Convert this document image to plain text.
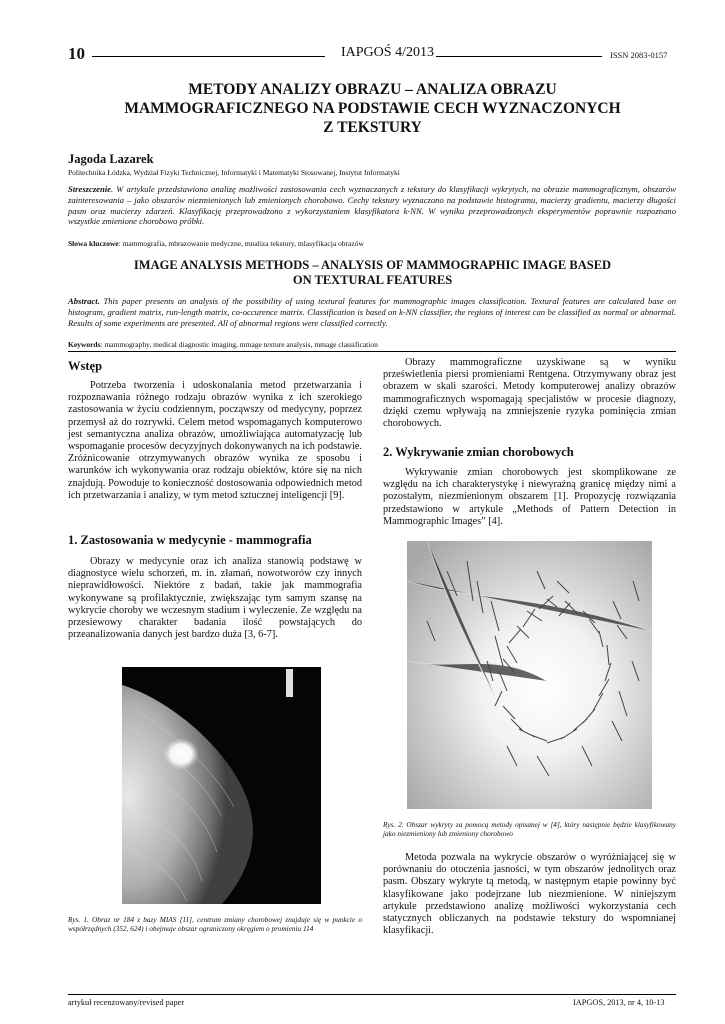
10	IAPGOŚ 4/2013	ISSN 2083-0157
METODY ANALIZY OBRAZU – ANALIZA OBRAZU
MAMMOGRAFICZNEGO NA PODSTAWIE CECH WYZNACZONYCH
Z TEKSTURY
Jagoda Lazarek
Politechnika Łódzka, Wydział Fizyki Technicznej, Informatyki i Matematyki Stosowanej, Instytut Informatyki
Streszczenie. W artykule przedstawiono analizę możliwości zastosowania cech wyznaczanych z tekstury do klasyfikacji wykrytych, na obrazie mammograficznym, obszarów zainteresowania – jako obszarów niezmienionych lub zmienionych chorobowo. Cechy tekstury wyznaczono na podstawie histogramu, macierzy gradientu, macierzy długości pasm oraz macierzy zdarzeń. Klasyfikację przeprowadzono z wykorzystaniem klasyfikatora k-NN. W wyniku przeprowadzonych eksperymentów poprawnie rozpoznano wszystkie zmienione chorobowo próbki.
Słowa kluczowe: mammografia, mbrazowanie medyczne, mnaliza tekstury, mlasyfikacja obrazów
IMAGE ANALYSIS METHODS – ANALYSIS OF MAMMOGRAPHIC IMAGE BASED
ON TEXTURAL FEATURES
Abstract. This paper presents an analysis of the possibility of using textural features for mammographic images classification. Textural features are calculated base on histogram, gradient matrix, run-length matrix, co-occurence matrix. Classification is based on k-NN classifier, the regions of interest can be classified as normal or abnormal. Results of some experiments are presented. All of abnormal regions were classified correctly.
Keywords: mammography, medical diagnostic imaging, mmage texture analysis, mmage classification
Wstęp

Potrzeba tworzenia i udoskonalania metod przetwarzania i rozpoznawania różnego rodzaju obrazów wynika z ich szerokiego zastosowania w życiu codziennym, począwszy od medycyny, poprzez przemysł aż do rozrywki. Celem metod wspomaganych komputerowo jest semantyczna analiza obrazów, umożliwiająca automatyzację lub wspomaganie procesów decyzyjnych dokonywanych na ich podstawie. Zróżnicowanie otrzymywanych obrazów wynika ze sposobu i warunków ich wykonywania oraz rodzaju obiektów, które się na nich znajdują. Powoduje to konieczność dostosowania odpowiednich metod ich przetwarzania i analizy, w tym metod sztucznej inteligencji [9].

1. Zastosowania w medycynie - mammografia

Obrazy w medycynie oraz ich analiza stanowią podstawę w diagnostyce wielu schorzeń, m. in. złamań, nowotworów czy innych nieprawidłowości. Niektóre z badań, takie jak mammografia wykonywane są profilaktycznie, zwiększając tym samym szansę na wykrycie choroby we wczesnym stadium i wyleczenie. Ze względu na przesiewowy charakter badania ilość powstających do przeanalizowania danych jest bardzo duża [3, 6-7].

Rys. 1. Obraz nr 184 z bazy MIAS [11], centrum zmiany chorobowej znajduje się w punkcie o współrzędnych (352, 624) i obejmuje obszar ograniczony okręgiem o promieniu 114

Obrazy mammograficzne uzyskiwane są w wyniku prześwietlenia piersi promieniami Rentgena. Otrzymywany obraz jest obrazem w skali szarości. Metody komputerowej analizy obrazów mammograficznych wspomagają specjalistów w procesie diagnozy, dzięki czemu wpływają na zmniejszenie ryzyka pominięcia zmian chorobowych.

2. Wykrywanie zmian chorobowych

Wykrywanie zmian chorobowych jest skomplikowane ze względu na ich charakterystykę i niewyraźną granicę między nimi a pozostałym, niezmienionym obszarem [1]. Propozycję rozwiązania przedstawiono w artykule „Methods of Pattern Detection in Mammographic Images” [4].

Rys. 2. Obszar wykryty za pomocą metody opisanej w [4], który następnie będzie klasyfikowany jako niezmieniony lub zmieniony chorobowo

Metoda pozwala na wykrycie obszarów o wyróżniającej się w porównaniu do otoczenia jasności, w tym obszarów jednolitych oraz pasm. Obszary wykryte tą metodą, w następnym etapie powinny być klasyfikowane jako podejrzane lub niezmienione. W niniejszym artykule przedstawiono analizę możliwości wykorzystania cech statycznych obliczanych na podstawie tekstury do wspomnianej klasyfikacji.

artykuł recenzowany/revised paper	IAPGOS, 2013, nr 4, 10-13
